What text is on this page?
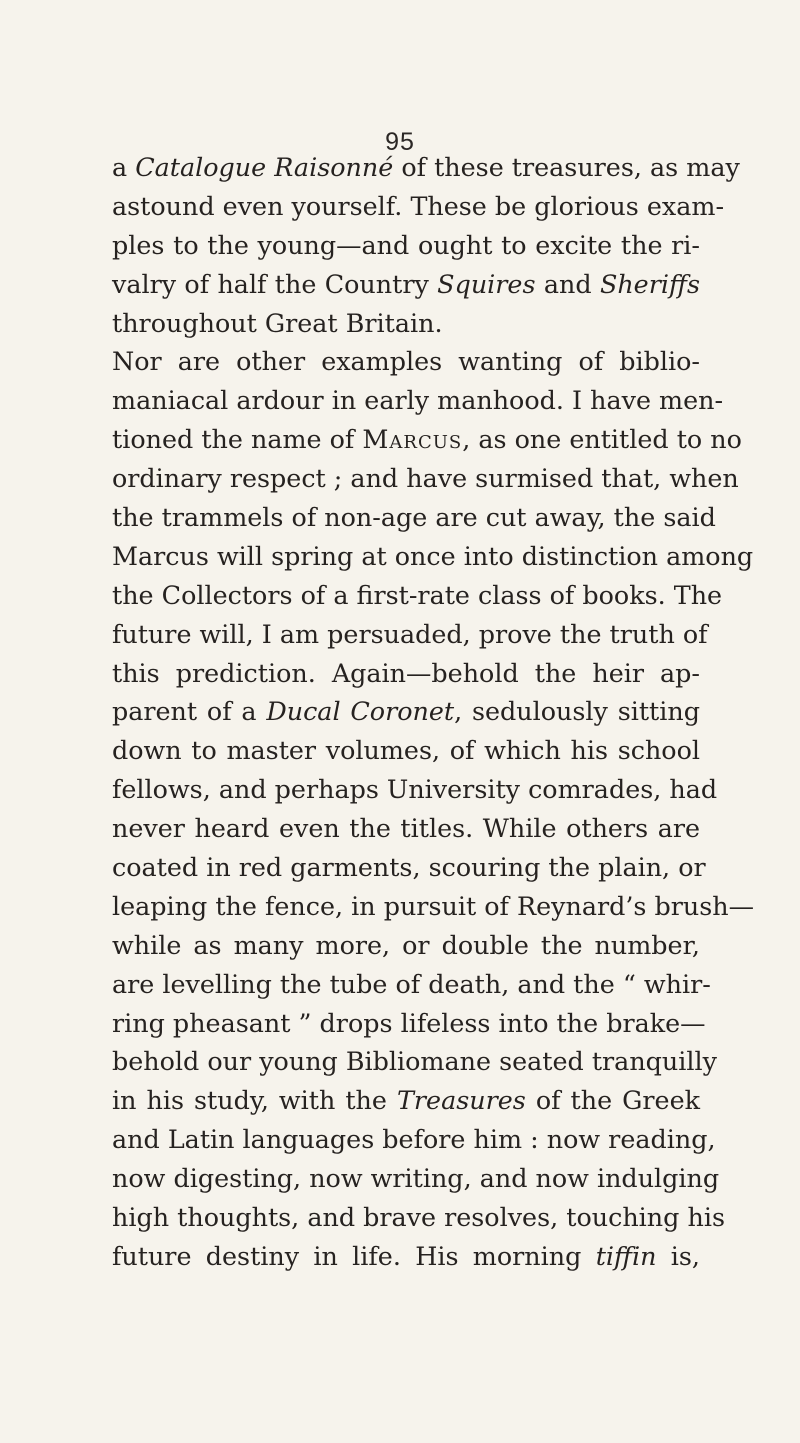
95
a Catalogue Raisonné of these treasures, as may
astound even yourself. These be glorious exam-
ples to the young—and ought to excite the ri-
valry of half the Country Squires and Sheriffs
throughout Great Britain.
Nor are other examples wanting of biblio-
maniacal ardour in early manhood. I have men-
tioned the name of Marcus, as one entitled to no
ordinary respect ; and have surmised that, when
the trammels of non-age are cut away, the said
Marcus will spring at once into distinction among
the Collectors of a first-rate class of books. The
future will, I am persuaded, prove the truth of
this prediction. Again—behold the heir ap-
parent of a Ducal Coronet, sedulously sitting
down to master volumes, of which his school
fellows, and perhaps University comrades, had
never heard even the titles. While others are
coated in red garments, scouring the plain, or
leaping the fence, in pursuit of Reynard’s brush—
while as many more, or double the number,
are levelling the tube of death, and the “ whir-
ring pheasant ” drops lifeless into the brake—
behold our young Bibliomane seated tranquilly
in his study, with the Treasures of the Greek
and Latin languages before him : now reading,
now digesting, now writing, and now indulging
high thoughts, and brave resolves, touching his
future destiny in life. His morning tiffin is,
